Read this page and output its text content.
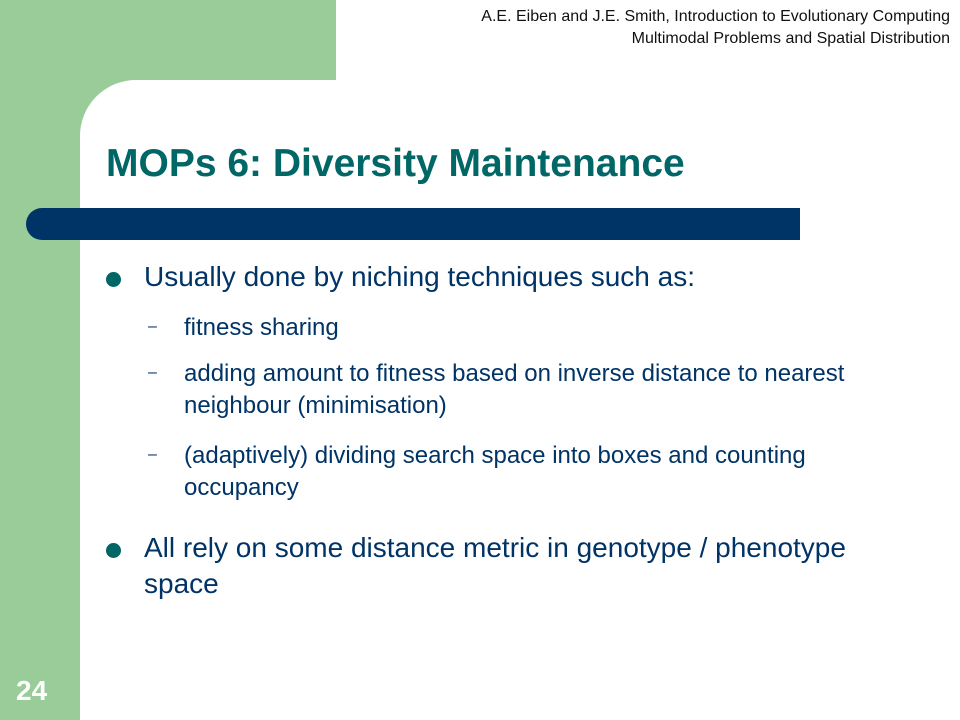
A.E. Eiben and J.E. Smith, Introduction to Evolutionary Computing
Multimodal Problems and Spatial Distribution
MOPs 6: Diversity Maintenance
Usually done by niching techniques such as:
– fitness sharing
– adding amount to fitness based on inverse distance to nearest neighbour (minimisation)
– (adaptively) dividing search space into boxes and counting occupancy
All rely on some distance metric in genotype / phenotype space
24
